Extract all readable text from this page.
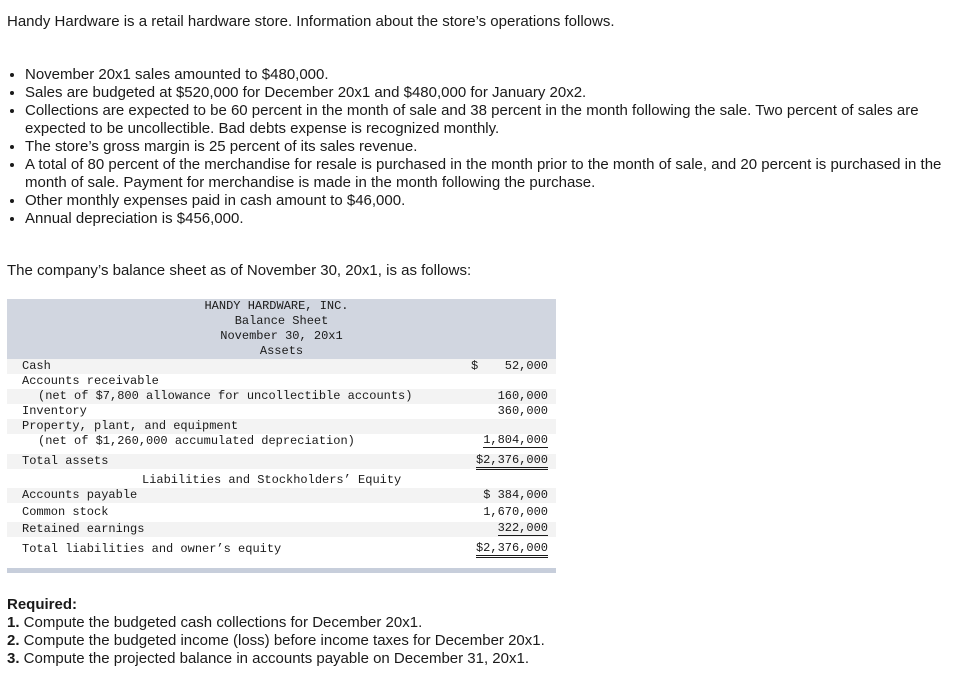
Handy Hardware is a retail hardware store. Information about the store’s operations follows.

• November 20x1 sales amounted to $480,000.
• Sales are budgeted at $520,000 for December 20x1 and $480,000 for January 20x2.
• Collections are expected to be 60 percent in the month of sale and 38 percent in the month following the sale. Two percent of sales are expected to be uncollectible. Bad debts expense is recognized monthly.
• The store’s gross margin is 25 percent of its sales revenue.
• A total of 80 percent of the merchandise for resale is purchased in the month prior to the month of sale, and 20 percent is purchased in the month of sale. Payment for merchandise is made in the month following the purchase.
• Other monthly expenses paid in cash amount to $46,000.
• Annual depreciation is $456,000.

The company’s balance sheet as of November 30, 20x1, is as follows:

HANDY HARDWARE, INC.
Balance Sheet
November 30, 20x1
Assets
Cash	$ 52,000
Accounts receivable
(net of $7,800 allowance for uncollectible accounts)	160,000
Inventory	360,000
Property, plant, and equipment
(net of $1,260,000 accumulated depreciation)	1,804,000
Total assets	$2,376,000
Liabilities and Stockholders’ Equity
Accounts payable	$ 384,000
Common stock	1,670,000
Retained earnings	322,000
Total liabilities and owner’s equity	$2,376,000
Required:
1. Compute the budgeted cash collections for December 20x1.
2. Compute the budgeted income (loss) before income taxes for December 20x1.
3. Compute the projected balance in accounts payable on December 31, 20x1.
